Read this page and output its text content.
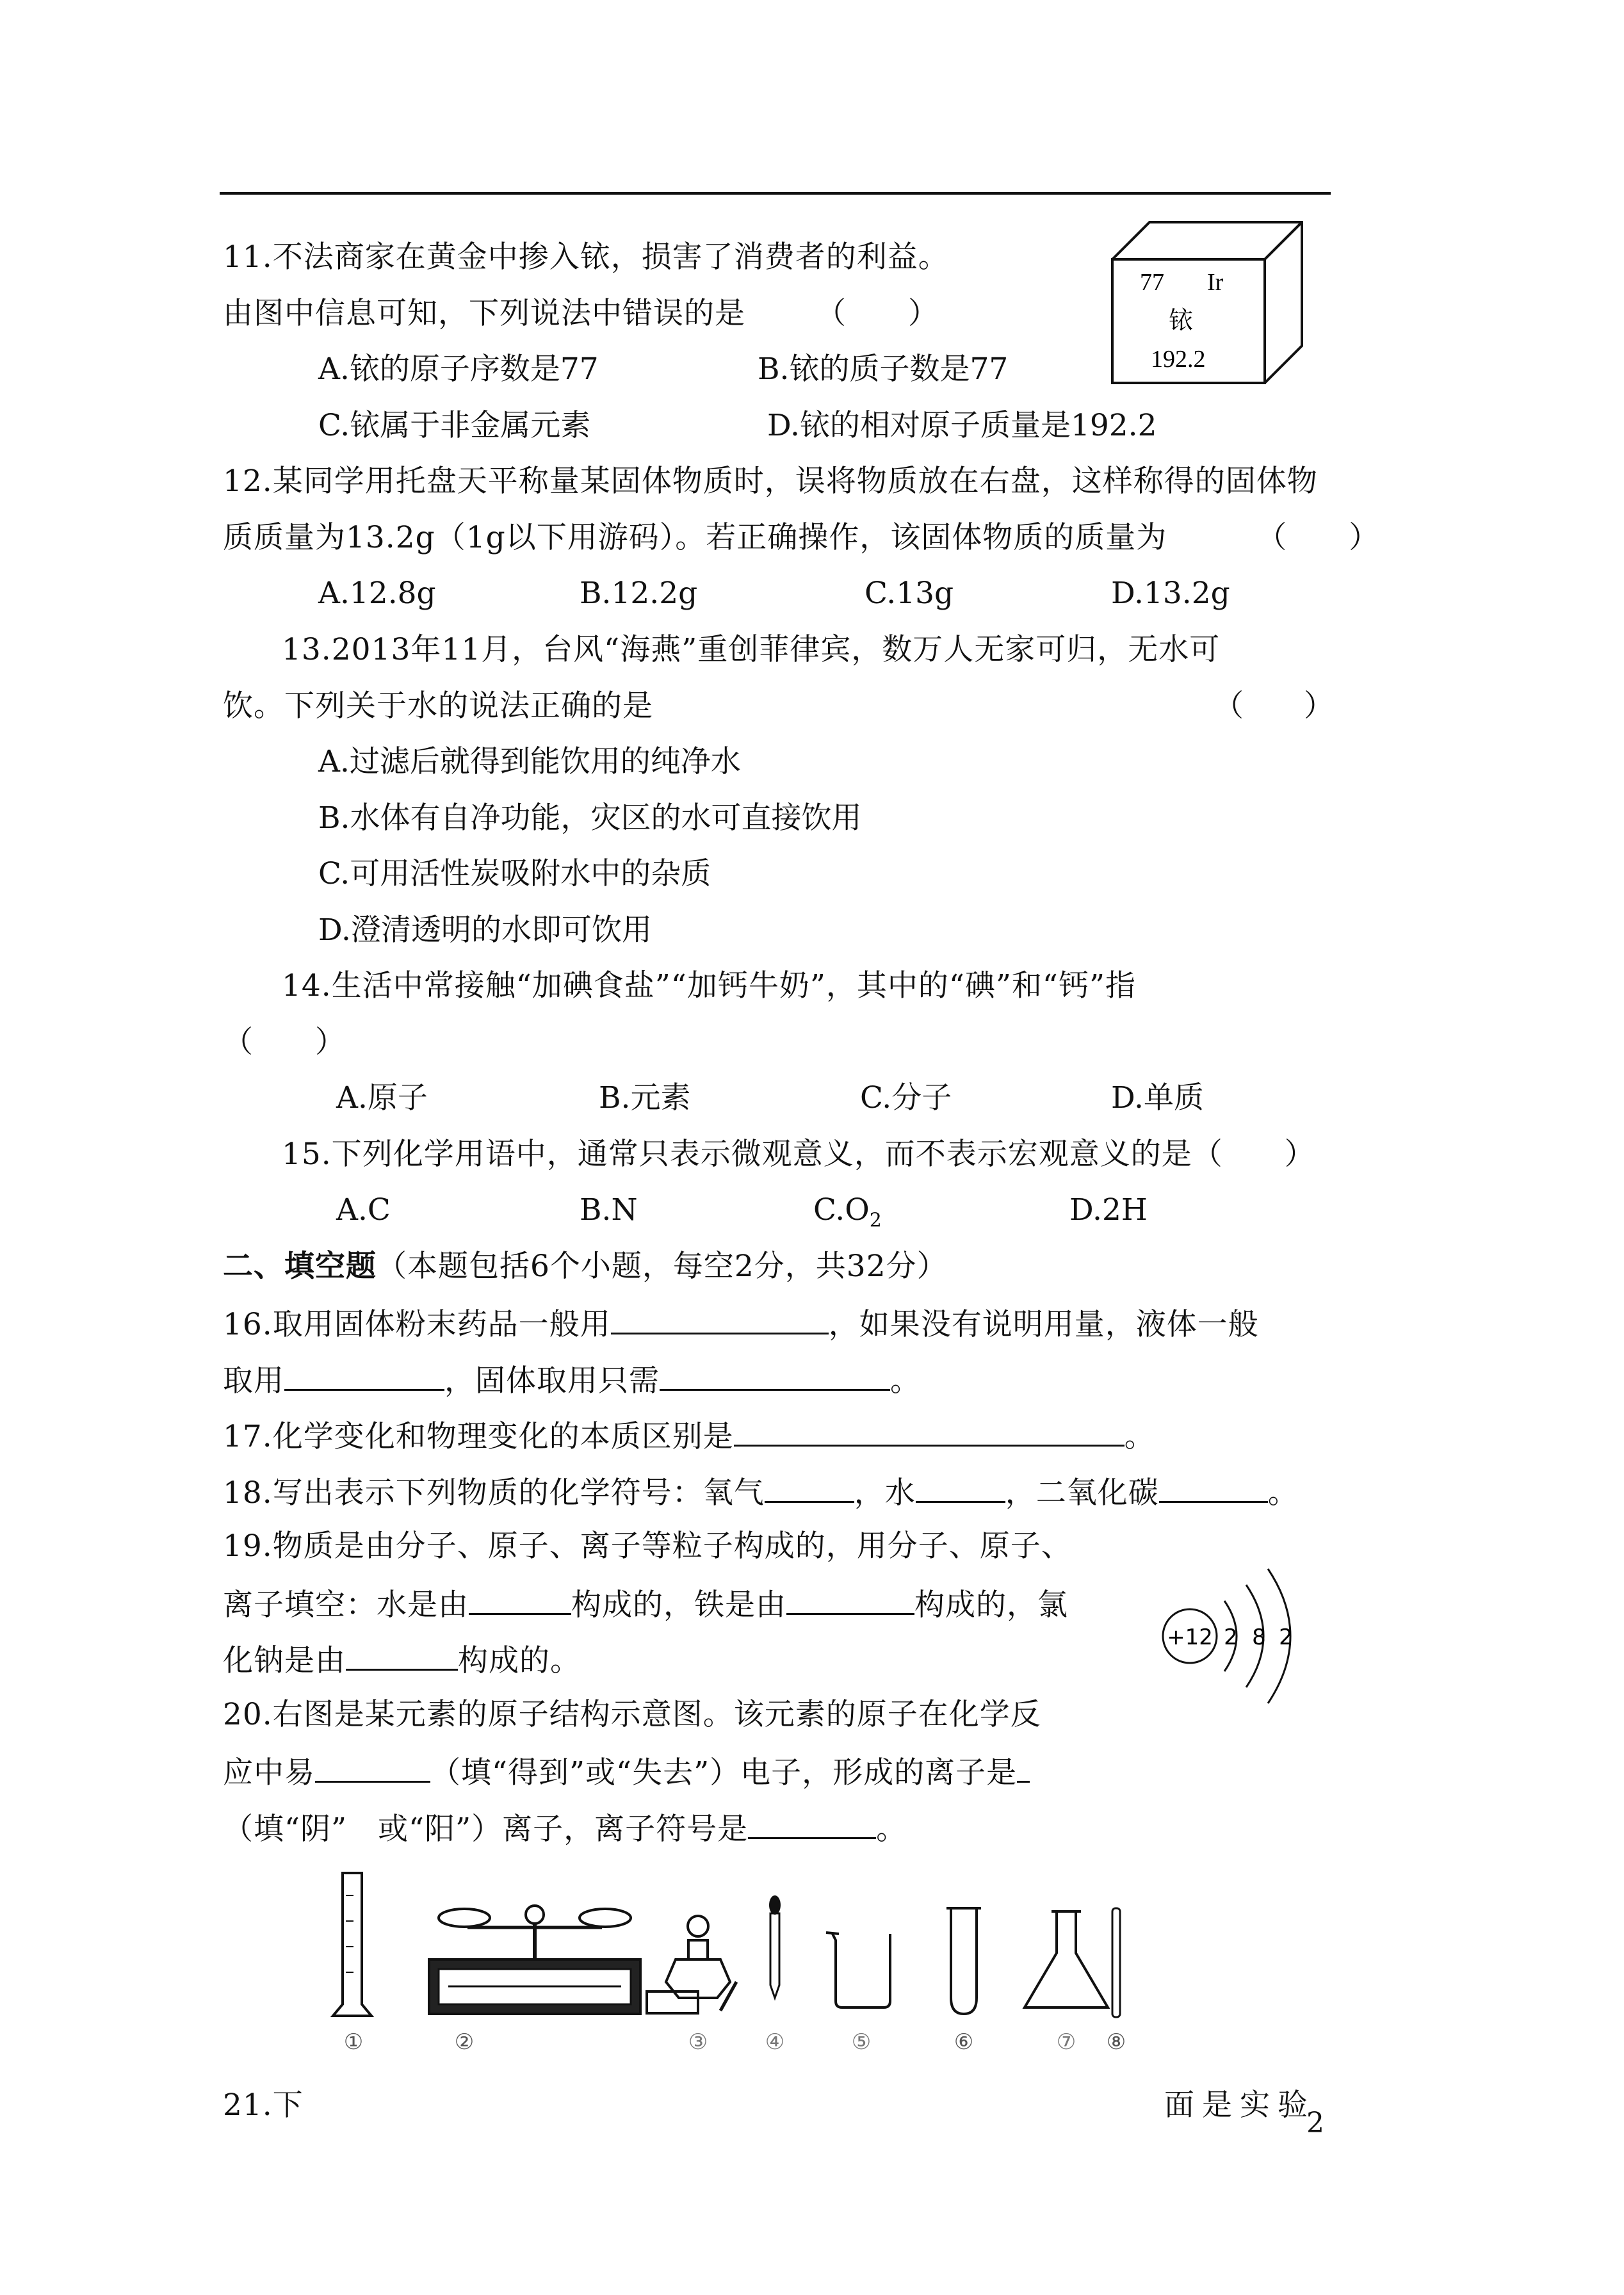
11.不法商家在黄金中掺入铱，损害了消费者的利益。
由图中信息可知，下列说法中错误的是 （　　）
A.铱的原子序数是77	B.铱的质子数是77
C.铱属于非金属元素	D.铱的相对原子质量是192.2
77 Ir
铱
192.2
12.某同学用托盘天平称量某固体物质时，误将物质放在右盘，这样称得的固体物
质质量为13.2g（1g以下用游码）。若正确操作，该固体物质的质量为	（　　）
A.12.8g	B.12.2g	C.13g	D.13.2g
13.2013年11月，台风“海燕”重创菲律宾，数万人无家可归，无水可
饮。下列关于水的说法正确的是	（　　）
A.过滤后就得到能饮用的纯净水
B.水体有自净功能，灾区的水可直接饮用
C.可用活性炭吸附水中的杂质
D.澄清透明的水即可饮用
14.生活中常接触“加碘食盐”“加钙牛奶”，其中的“碘”和“钙”指
（　　）
A.原子	B.元素	C.分子	D.单质
15.下列化学用语中，通常只表示微观意义，而不表示宏观意义的是（　　）
A.C	B.N	$C.O_2$	D.2H
二、填空题（本题包括6个小题，每空2分，共32分）
16.取用固体粉末药品一般用	，如果没有说明用量，液体一般
取用	，固体取用只需	。
17.化学变化和物理变化的本质区别是	。
18.写出表示下列物质的化学符号：氧气	，水	，二氧化碳	。
19.物质是由分子、原子、离子等粒子构成的，用分子、原子、
离子填空：水是由	构成的，铁是由	构成的，氯
化钠是由	构成的。
+12 2 8 2
20.右图是某元素的原子结构示意图。该元素的原子在化学反
应中易	（填“得到”或“失去”）电子，形成的离子是
（填“阴”　或“阳”）离子，离子符号是	。
①	②	③	④	⑤	⑥	⑦ ⑧
21.下	面是实验
2
